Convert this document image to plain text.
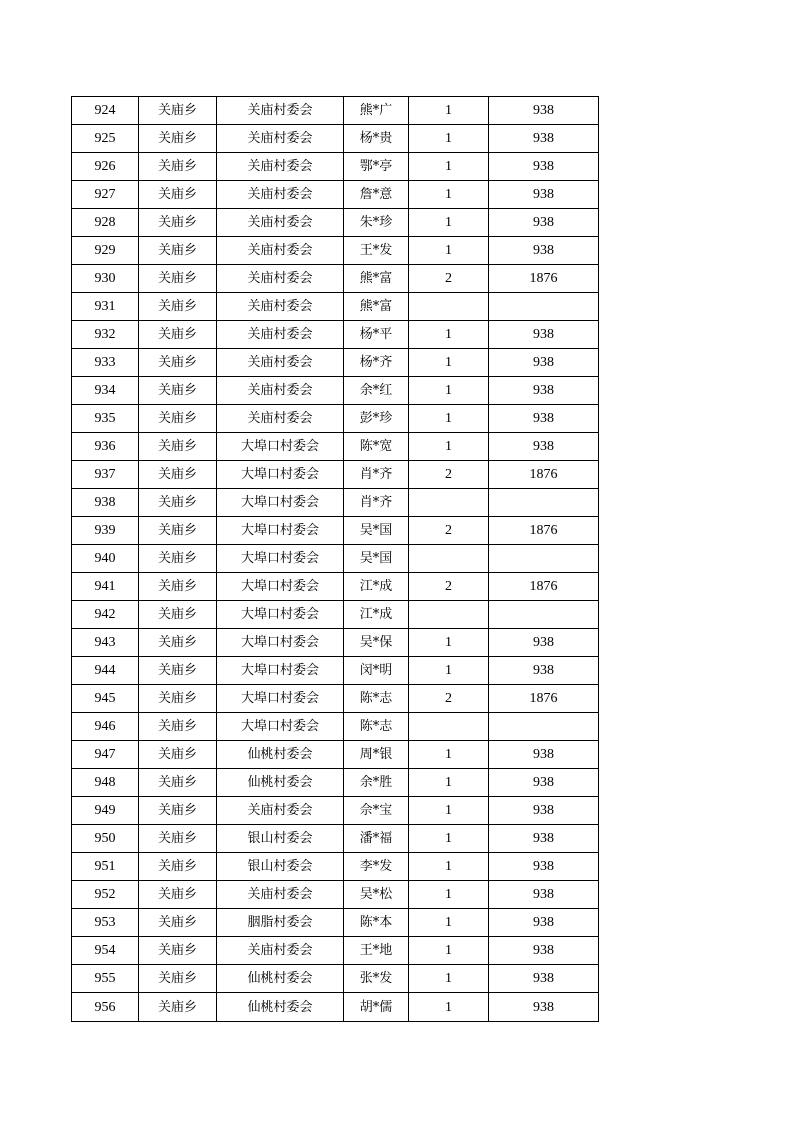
924	关庙乡	关庙村委会	熊*广	1	938
925	关庙乡	关庙村委会	杨*贵	1	938
926	关庙乡	关庙村委会	鄂*亭	1	938
927	关庙乡	关庙村委会	詹*意	1	938
928	关庙乡	关庙村委会	朱*珍	1	938
929	关庙乡	关庙村委会	王*发	1	938
930	关庙乡	关庙村委会	熊*富	2	1876
931	关庙乡	关庙村委会	熊*富		
932	关庙乡	关庙村委会	杨*平	1	938
933	关庙乡	关庙村委会	杨*齐	1	938
934	关庙乡	关庙村委会	余*红	1	938
935	关庙乡	关庙村委会	彭*珍	1	938
936	关庙乡	大埠口村委会	陈*宽	1	938
937	关庙乡	大埠口村委会	肖*齐	2	1876
938	关庙乡	大埠口村委会	肖*齐		
939	关庙乡	大埠口村委会	吴*国	2	1876
940	关庙乡	大埠口村委会	吴*国		
941	关庙乡	大埠口村委会	江*成	2	1876
942	关庙乡	大埠口村委会	江*成		
943	关庙乡	大埠口村委会	吴*保	1	938
944	关庙乡	大埠口村委会	闵*明	1	938
945	关庙乡	大埠口村委会	陈*志	2	1876
946	关庙乡	大埠口村委会	陈*志		
947	关庙乡	仙桃村委会	周*银	1	938
948	关庙乡	仙桃村委会	余*胜	1	938
949	关庙乡	关庙村委会	佘*宝	1	938
950	关庙乡	银山村委会	潘*福	1	938
951	关庙乡	银山村委会	李*发	1	938
952	关庙乡	关庙村委会	吴*松	1	938
953	关庙乡	胭脂村委会	陈*本	1	938
954	关庙乡	关庙村委会	王*地	1	938
955	关庙乡	仙桃村委会	张*发	1	938
956	关庙乡	仙桃村委会	胡*儒	1	938
